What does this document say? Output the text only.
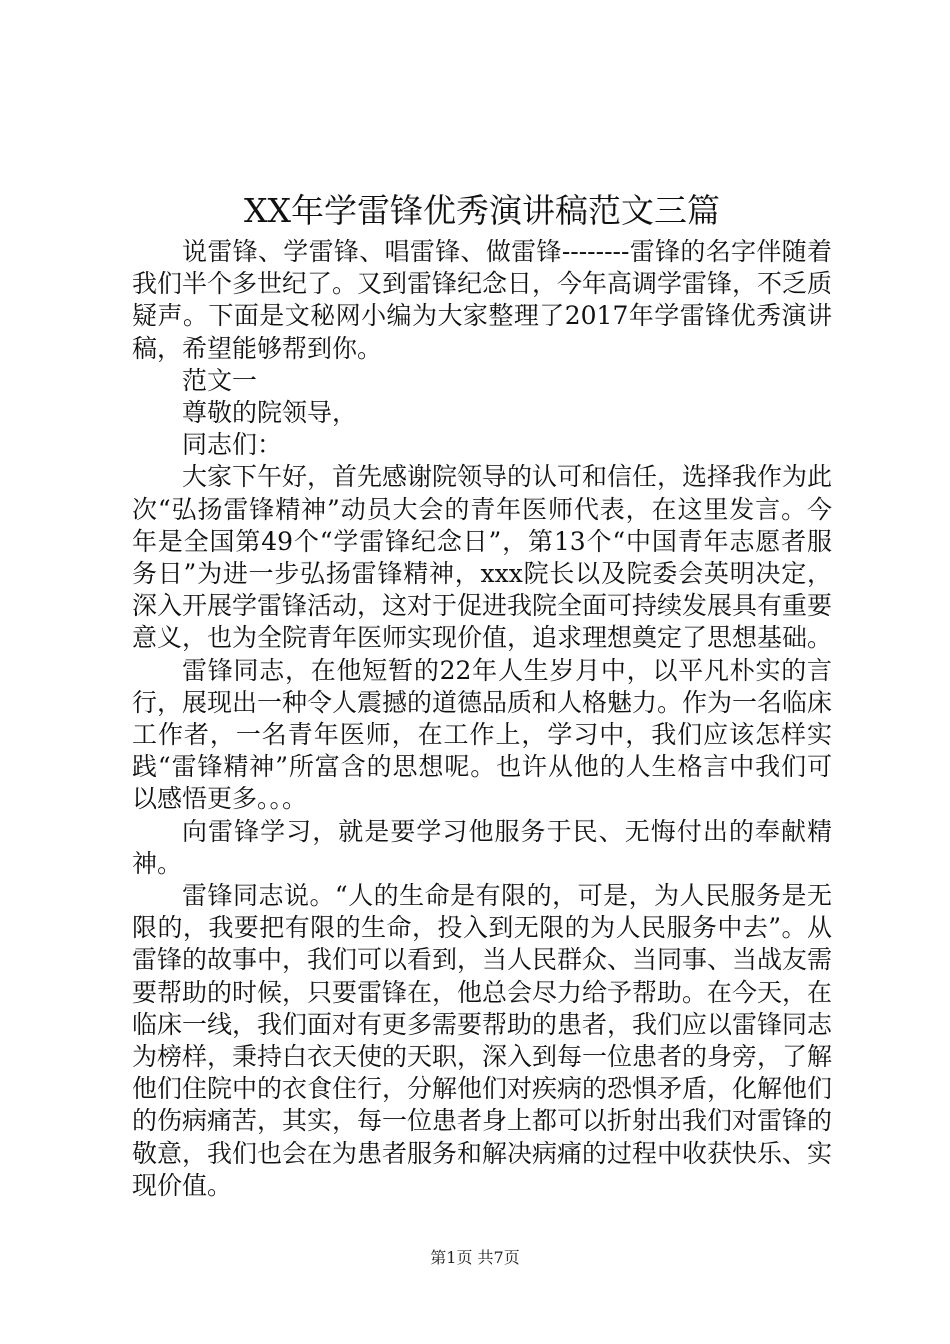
XX年学雷锋优秀演讲稿范文三篇

说雷锋、学雷锋、唱雷锋、做雷锋--------雷锋的名字伴随着我们半个多世纪了。又到雷锋纪念日，今年高调学雷锋，不乏质疑声。下面是文秘网小编为大家整理了2017年学雷锋优秀演讲稿，希望能够帮到你。

范文一

尊敬的院领导，

同志们：

大家下午好，首先感谢院领导的认可和信任，选择我作为此次“弘扬雷锋精神”动员大会的青年医师代表，在这里发言。今年是全国第49个“学雷锋纪念日”，第13个“中国青年志愿者服务日”为进一步弘扬雷锋精神，xxx院长以及院委会英明决定，深入开展学雷锋活动，这对于促进我院全面可持续发展具有重要意义，也为全院青年医师实现价值，追求理想奠定了思想基础。

雷锋同志，在他短暂的22年人生岁月中，以平凡朴实的言行，展现出一种令人震撼的道德品质和人格魅力。作为一名临床工作者，一名青年医师，在工作上，学习中，我们应该怎样实践“雷锋精神”所富含的思想呢。也许从他的人生格言中我们可以感悟更多。。。

向雷锋学习，就是要学习他服务于民、无悔付出的奉献精神。

雷锋同志说。“人的生命是有限的，可是，为人民服务是无限的，我要把有限的生命，投入到无限的为人民服务中去”。从雷锋的故事中，我们可以看到，当人民群众、当同事、当战友需要帮助的时候，只要雷锋在，他总会尽力给予帮助。在今天，在临床一线，我们面对有更多需要帮助的患者，我们应以雷锋同志为榜样，秉持白衣天使的天职，深入到每一位患者的身旁，了解他们住院中的衣食住行，分解他们对疾病的恐惧矛盾，化解他们的伤病痛苦，其实，每一位患者身上都可以折射出我们对雷锋的敬意，我们也会在为患者服务和解决病痛的过程中收获快乐、实现价值。

第1页 共7页
